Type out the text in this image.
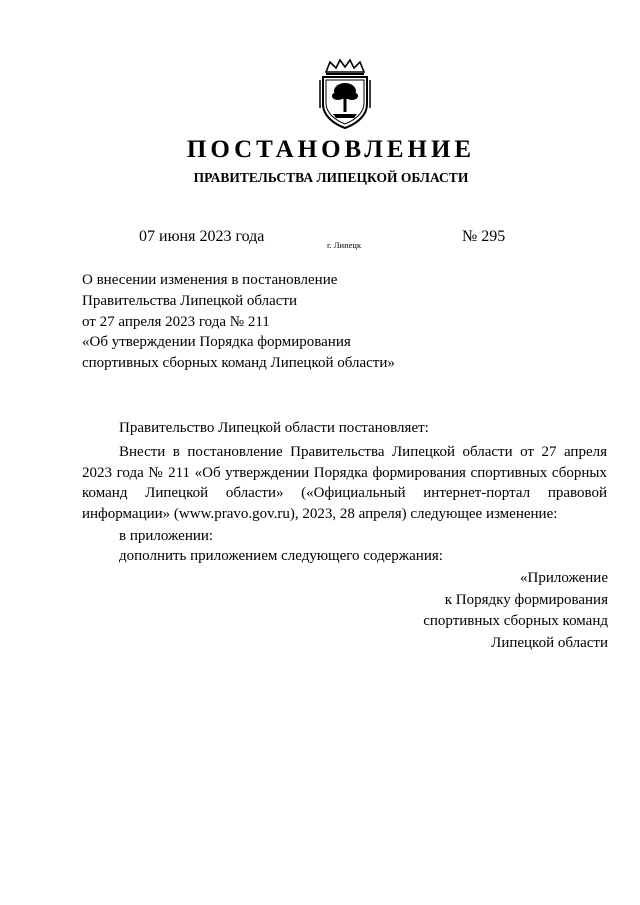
ПОСТАНОВЛЕНИЕ
ПРАВИТЕЛЬСТВА ЛИПЕЦКОЙ ОБЛАСТИ
07 июня 2023 года	г. Липецк	№ 295
О внесении изменения в постановление
Правительства Липецкой области
от 27 апреля 2023 года № 211
«Об утверждении Порядка формирования
спортивных сборных команд Липецкой области»
Правительство Липецкой области постановляет:
Внести в постановление Правительства Липецкой области от 27 апреля 2023 года № 211 «Об утверждении Порядка формирования спортивных сборных команд Липецкой области» («Официальный интернет-портал правовой информации» (www.pravo.gov.ru), 2023, 28 апреля) следующее изменение:
в приложении:
дополнить приложением следующего содержания:
«Приложение
к Порядку формирования
спортивных сборных команд
Липецкой области
